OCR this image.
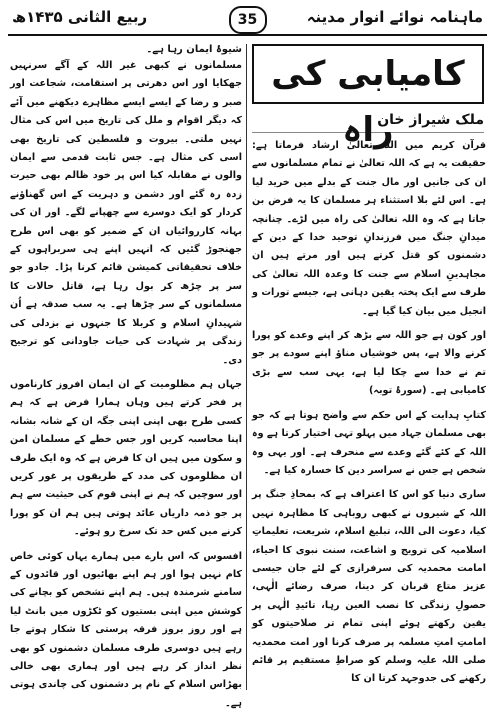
ربیع الثانی ۱۴۳۵ھ	35	ماہنامہ نوائے انوار مدینہ

شیوۂ ایمان رہا ہے۔

مسلمانوں نے کبھی غیر اللہ کے آگے سرنہیں جھکایا اور اس دھرتی پر استقامت، شجاعت اور صبر و رضا کے ایسے ایسے مظاہرے دیکھنے میں آئے کہ دیگر اقوام و ملل کی تاریخ میں اس کی مثال نہیں ملتی۔ بیروت و فلسطین کی تاریخ بھی اسی کی مثال ہے۔ جس ثابت قدمی سے ایمان والوں نے مقابلہ کیا اس پر خود ظالم بھی حیرت زدہ رہ گئے اور دشمن و دہریت کے اس گھناؤنے کردار کو ایک دوسرے سے چھپانے لگے۔ اور ان کی بہانہ کارروائیاں ان کے ضمیر کو بھی اس طرح جھنجوڑ گئیں کہ انہیں اپنے ہی سربراہوں کے خلاف تحقیقاتی کمیشن قائم کرنا پڑا۔ جادو جو سر پر چڑھ کر بول رہا ہے، قاتل حالات کا مسلمانوں کے سر چڑھا ہے۔ یہ سب صدقہ ہے اُن شہیدانِ اسلام و کربلا کا جنہوں نے بزدلی کی زندگی پر شہادت کی حیات جاودانی کو ترجیح دی۔

جہاں ہم مظلومیت کے ان ایمان افروز کارناموں پر فخر کرتے ہیں وہاں ہمارا فرض ہے کہ ہم کسی طرح بھی اپنی اپنی جگہ ان کے شانہ بشانہ اپنا محاسبہ کریں اور جس خطے کے مسلمان امن و سکون میں ہیں ان کا فرض ہے کہ وہ ایک طرف ان مظلوموں کی مدد کے طریقوں پر غور کریں اور سوچیں کہ ہم نے اپنی قوم کی حیثیت سے ہم پر جو ذمہ داریاں عائد ہوتی ہیں ہم ان کو پورا کرنے میں کس حد تک سرخ رو ہوئے۔

افسوس کہ اس بارے میں ہمارے یہاں کوئی خاص کام نہیں ہوا اور ہم اپنے بھائیوں اور قائدوں کے سامنے شرمندہ ہیں۔ ہم اپنے تشخص کو بچانے کی کوشش میں اپنی بستیوں کو ٹکڑوں میں بانٹ لیا ہے اور روز بروز فرقہ پرستی کا شکار ہوتے جا رہے ہیں دوسری طرف مسلمان دشمنوں کو بھی نظر انداز کر رہے ہیں اور ہماری بھی خالی بھڑاس اسلام کے نام پر دشمنوں کی چاندی ہوتی ہے۔

کامیابی کی راہ
ملک شیراز خان

قرآن کریم میں اللہ تعالیٰ ارشاد فرماتا ہے: حقیقت یہ ہے کہ اللہ تعالیٰ نے تمام مسلمانوں سے ان کی جانیں اور مال جنت کے بدلے میں خرید لیا ہے۔ اس لئے بلا استثناء ہر مسلمان کا یہ فرض بن جاتا ہے کہ وہ اللہ تعالیٰ کی راہ میں لڑے۔ چنانچہ میدانِ جنگ میں فرزندانِ توحید خدا کے دین کے دشمنوں کو قتل کرتے ہیں اور مرتے ہیں ان مجاہدینِ اسلام سے جنت کا وعدہ اللہ تعالیٰ کی طرف سے ایک پختہ یقین دہانی ہے، جیسے تورات و انجیل میں بیان کیا گیا ہے۔

اور کون ہے جو اللہ سے بڑھ کر اپنے وعدے کو پورا کرنے والا ہے، پس خوشیاں مناؤ اپنے سودے پر جو تم نے خدا سے چکا لیا ہے، یہی سب سے بڑی کامیابی ہے۔ (سورۂ توبہ)

کتابِ ہدایت کے اس حکم سے واضح ہوتا ہے کہ جو بھی مسلمان جہاد میں پہلو تہی اختیار کرتا ہے وہ اللہ کے کئے گئے وعدے سے منحرف ہے۔ اور یہی وہ شخص ہے جس نے سراسر دین کا خسارہ کیا ہے۔

ساری دنیا کو اس کا اعتراف ہے کہ بمحاذِ جنگ پر اللہ کے شیروں نے کبھی روباہی کا مظاہرہ نہیں کیا، دعوت الی اللہ، تبلیغ اسلام، شریعت، تعلیماتِ اسلامیہ کی ترویج و اشاعت، سنت نبوی کا احیاء، امامت محمدیہ کی سرفرازی کے لئے جان جیسی عزیز متاع قربان کر دینا، صرف رضائے الٰہی، حصولِ زندگی کا نصب العین رہا، تائیدِ الٰہی پر یقین رکھتے ہوئے اپنی تمام تر صلاحیتوں کو امامتِ امتِ مسلمہ پر صرف کرنا اور امت محمدیہ صلی اللہ علیہ وسلم کو صراطِ مستقیم پر قائم رکھنے کی جدوجہد کرتا ان کا
